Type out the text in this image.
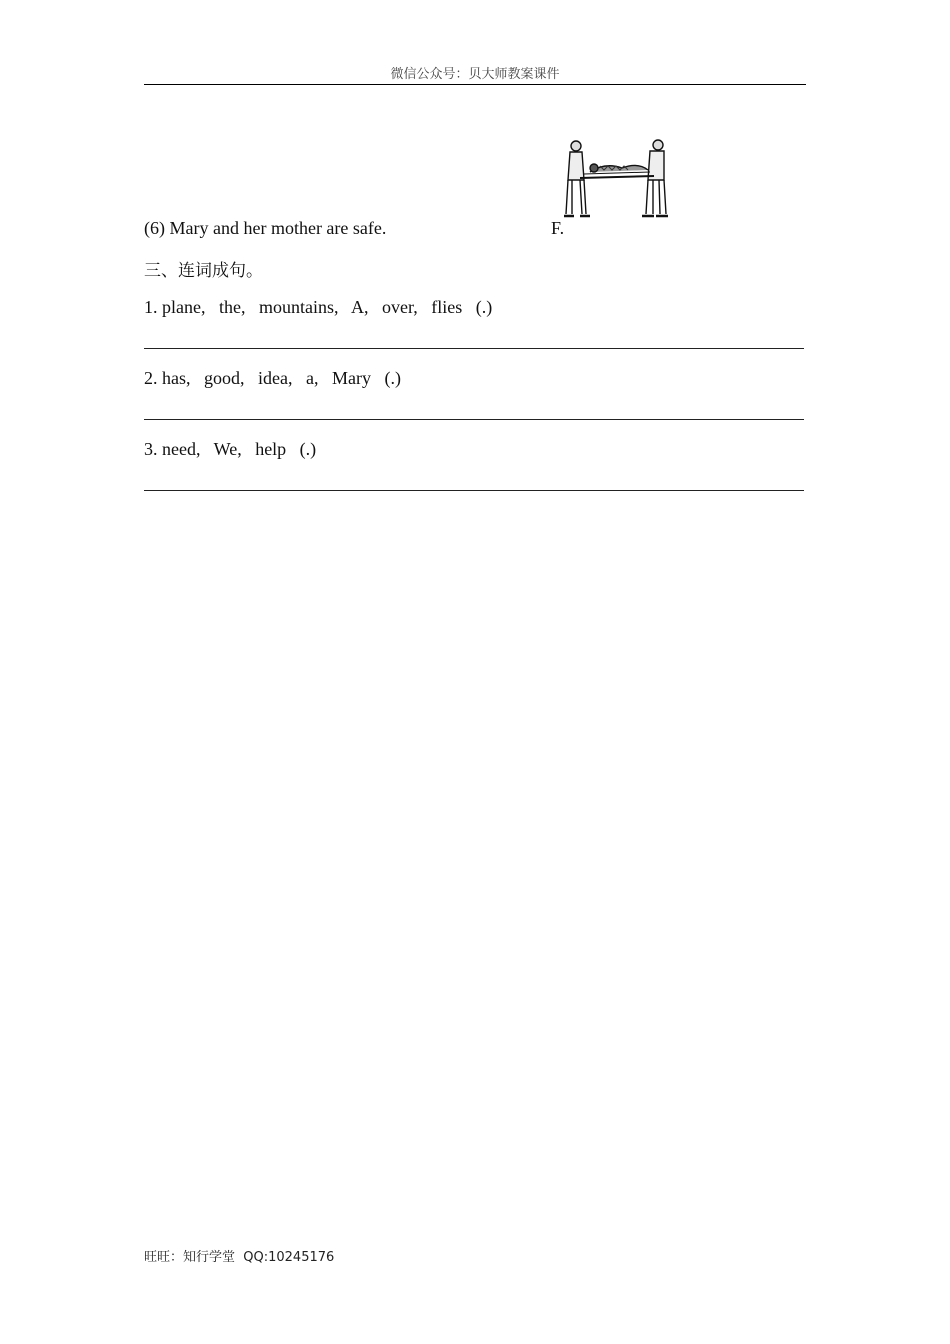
微信公众号：贝大师教案课件
(6) Mary and her mother are safe.	F.
三、连词成句。
1. plane,   the,   mountains,   A,   over,   flies   (.)
2. has,   good,   idea,   a,   Mary   (.)
3. need,   We,   help   (.)
旺旺：知行学堂  QQ:10245176
